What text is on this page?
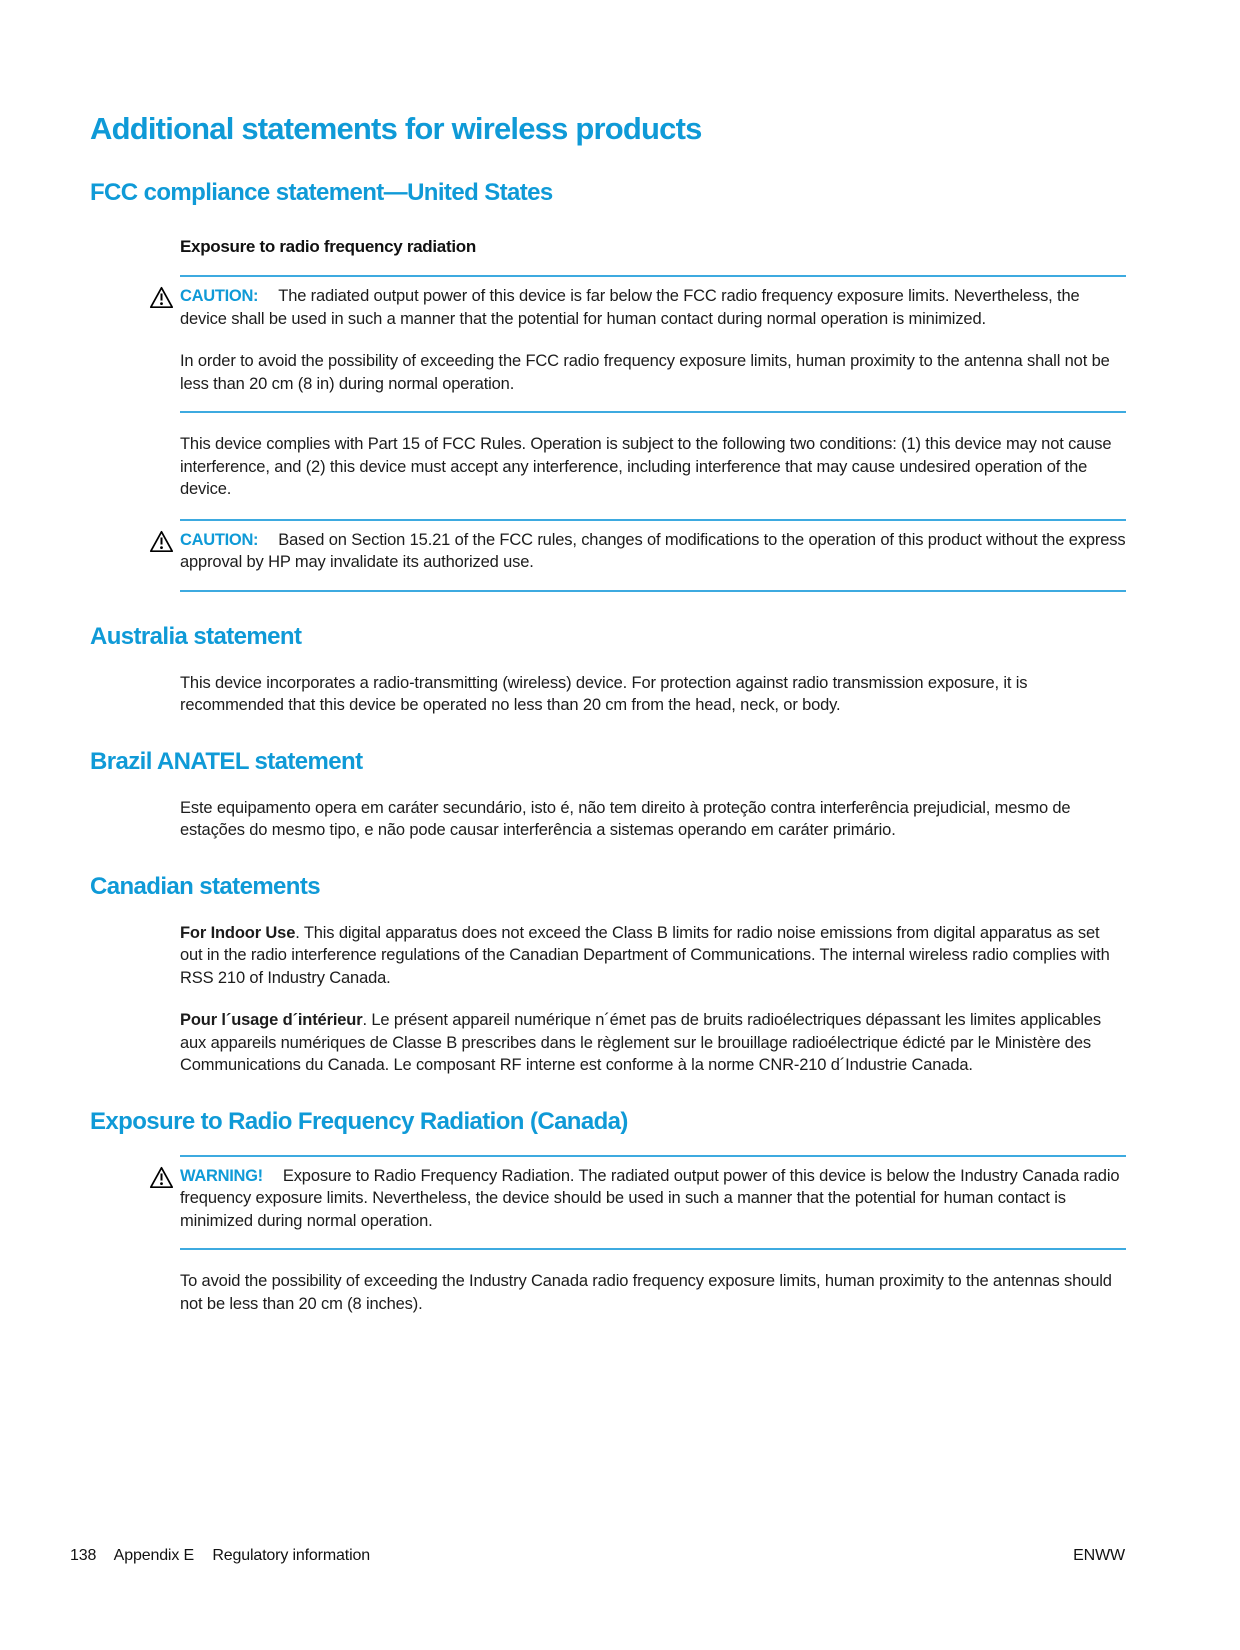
Additional statements for wireless products
FCC compliance statement—United States
Exposure to radio frequency radiation

CAUTION: The radiated output power of this device is far below the FCC radio frequency exposure limits. Nevertheless, the device shall be used in such a manner that the potential for human contact during normal operation is minimized.

In order to avoid the possibility of exceeding the FCC radio frequency exposure limits, human proximity to the antenna shall not be less than 20 cm (8 in) during normal operation.

This device complies with Part 15 of FCC Rules. Operation is subject to the following two conditions: (1) this device may not cause interference, and (2) this device must accept any interference, including interference that may cause undesired operation of the device.

CAUTION: Based on Section 15.21 of the FCC rules, changes of modifications to the operation of this product without the express approval by HP may invalidate its authorized use.

Australia statement

This device incorporates a radio-transmitting (wireless) device. For protection against radio transmission exposure, it is recommended that this device be operated no less than 20 cm from the head, neck, or body.

Brazil ANATEL statement

Este equipamento opera em caráter secundário, isto é, não tem direito à proteção contra interferência prejudicial, mesmo de estações do mesmo tipo, e não pode causar interferência a sistemas operando em caráter primário.

Canadian statements

For Indoor Use. This digital apparatus does not exceed the Class B limits for radio noise emissions from digital apparatus as set out in the radio interference regulations of the Canadian Department of Communications. The internal wireless radio complies with RSS 210 of Industry Canada.

Pour l´usage d´intérieur. Le présent appareil numérique n´émet pas de bruits radioélectriques dépassant les limites applicables aux appareils numériques de Classe B prescribes dans le règlement sur le brouillage radioélectrique édicté par le Ministère des Communications du Canada. Le composant RF interne est conforme à la norme CNR-210 d´Industrie Canada.

Exposure to Radio Frequency Radiation (Canada)

WARNING! Exposure to Radio Frequency Radiation. The radiated output power of this device is below the Industry Canada radio frequency exposure limits. Nevertheless, the device should be used in such a manner that the potential for human contact is minimized during normal operation.

To avoid the possibility of exceeding the Industry Canada radio frequency exposure limits, human proximity to the antennas should not be less than 20 cm (8 inches).

138 Appendix E Regulatory information	ENWW
